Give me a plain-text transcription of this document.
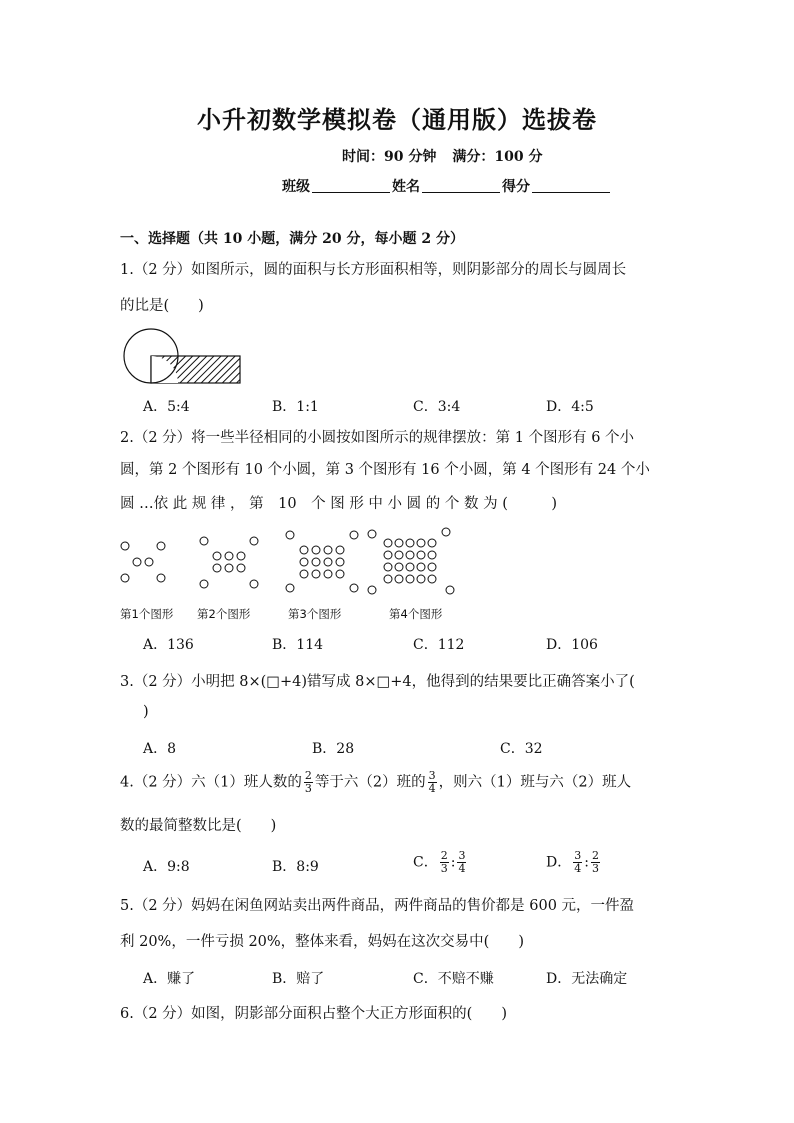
小升初数学模拟卷（通用版）选拔卷
时间：90 分钟 满分：100 分
班级	姓名	得分
一、选择题（共 10 小题，满分 20 分，每小题 2 分）
1.（2 分）如图所示，圆的面积与长方形面积相等，则阴影部分的周长与圆周长
的比是(　　)
A．5:4	B．1:1	C．3:4	D．4:5
2.（2 分）将一些半径相同的小圆按如图所示的规律摆放：第 1 个图形有 6 个小
圆，第 2 个图形有 10 个小圆，第 3 个图形有 16 个小圆，第 4 个图形有 24 个小
圆 …依 此 规 律 ， 第　10　个 图 形 中 小 圆 的 个 数 为 (　　　)
第1个图形 第2个图形	第3个图形	第4个图形
A．136	B．114	C．112	D．106
3.（2 分）小明把 8×(□+4)错写成 8×□+4，他得到的结果要比正确答案小了(
)
A．8	B．28	C．32
4.（2 分）六（1）班人数的 $\frac{2}{3}$ 等于六（2）班的 $\frac{3}{4}$ ，则六（1）班与六（2）班人
数的最简整数比是(　　)
A．9:8	B．8:9	C． $\frac{2}{3}$ : $\frac{3}{4}$	D． $\frac{3}{4}$ : $\frac{2}{3}$
5.（2 分）妈妈在闲鱼网站卖出两件商品，两件商品的售价都是 600 元，一件盈
利 20%，一件亏损 20%，整体来看，妈妈在这次交易中(　　)
A．赚了	B．赔了	C．不赔不赚	D．无法确定
6.（2 分）如图，阴影部分面积占整个大正方形面积的(　　)
